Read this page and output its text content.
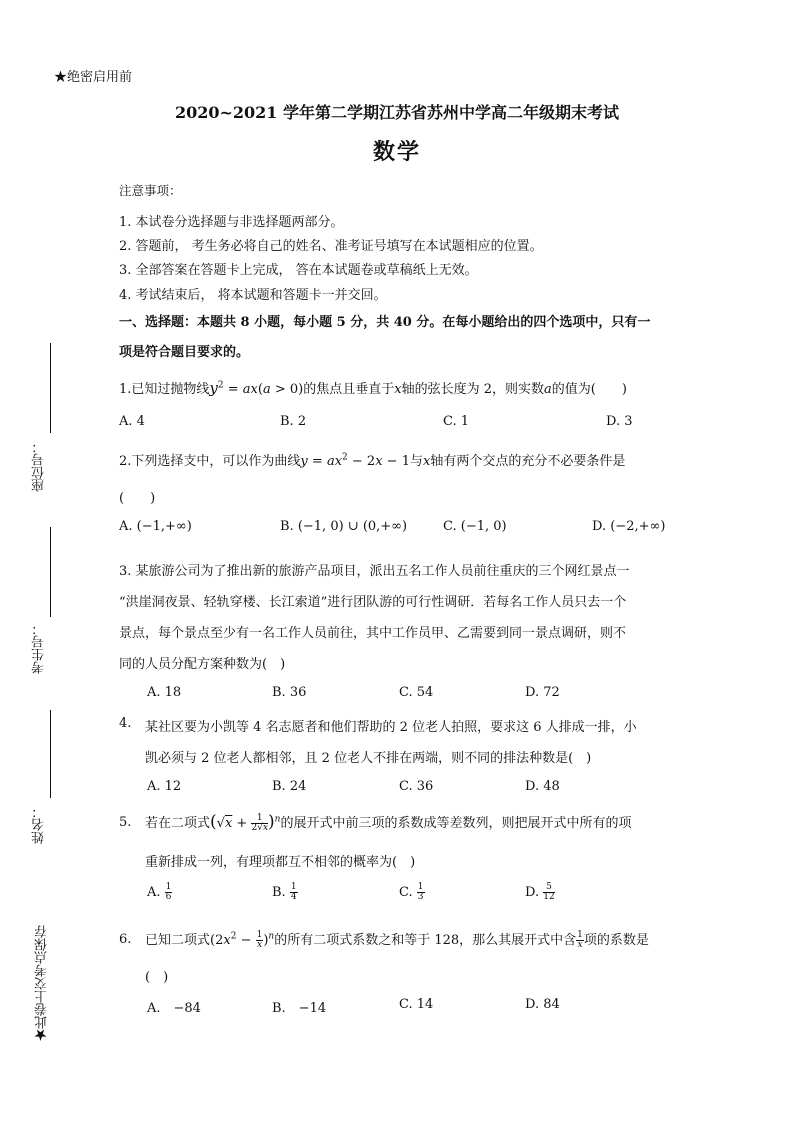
★绝密启用前
2020~2021 学年第二学期江苏省苏州中学高二年级期末考试
数学
注意事项：
1. 本试卷分选择题与非选择题两部分。
2. 答题前， 考生务必将自己的姓名、准考证号填写在本试题相应的位置。
3. 全部答案在答题卡上完成， 答在本试题卷或草稿纸上无效。
4. 考试结束后， 将本试题和答题卡一并交回。
一、选择题：本题共 8 小题，每小题 5 分，共 40 分。在每小题给出的四个选项中，只有一
项是符合题目要求的。
1.已知过抛物线$y^2 = ax(a > 0)$的焦点且垂直于x轴的弦长度为 2，则实数a的值为(　　)
A. 4	B. 2	C. 1	D. 3
2.下列选择支中，可以作为曲线$y = ax^2 - 2x - 1$与x轴有两个交点的充分不必要条件是
(　　)
A. (−1,+∞)	B. (−1, 0) ∪ (0,+∞)	C. (−1, 0)	D. (−2,+∞)
3. 某旅游公司为了推出新的旅游产品项目，派出五名工作人员前往重庆的三个网红景点一
“洪崖洞夜景、轻轨穿楼、长江索道”进行团队游的可行性调研．若每名工作人员只去一个
景点，每个景点至少有一名工作人员前往，其中工作员甲、乙需要到同一景点调研，则不
同的人员分配方案种数为(　)
A. 18	B. 36	C. 54	D. 72
4. 某社区要为小凯等 4 名志愿者和他们帮助的 2 位老人拍照，要求这 6 人排成一排，小
凯必须与 2 位老人都相邻，且 2 位老人不排在两端，则不同的排法种数是(　)
A. 12	B. 24	C. 36	D. 48
5. 若在二项式$(√x + \frac{1}{2√x} )^n$的展开式中前三项的系数成等差数列，则把展开式中所有的项
重新排成一列，有理项都互不相邻的概率为(　)
A. $\frac{1}{6}$	B. $\frac{1}{4}$	C. $\frac{1}{3}$	D. $\frac{5}{12}$
6. 已知二项式$(2x^2 - \frac{1}{x} )^n$的所有二项式系数之和等于 128，那么其展开式中含 $\frac{1}{x}$ 项的系数是
(　)
A.　−84	B.　−14	C. 14	D. 84
座位号：
考生号：
姓名：
★此卷上交考点保存
